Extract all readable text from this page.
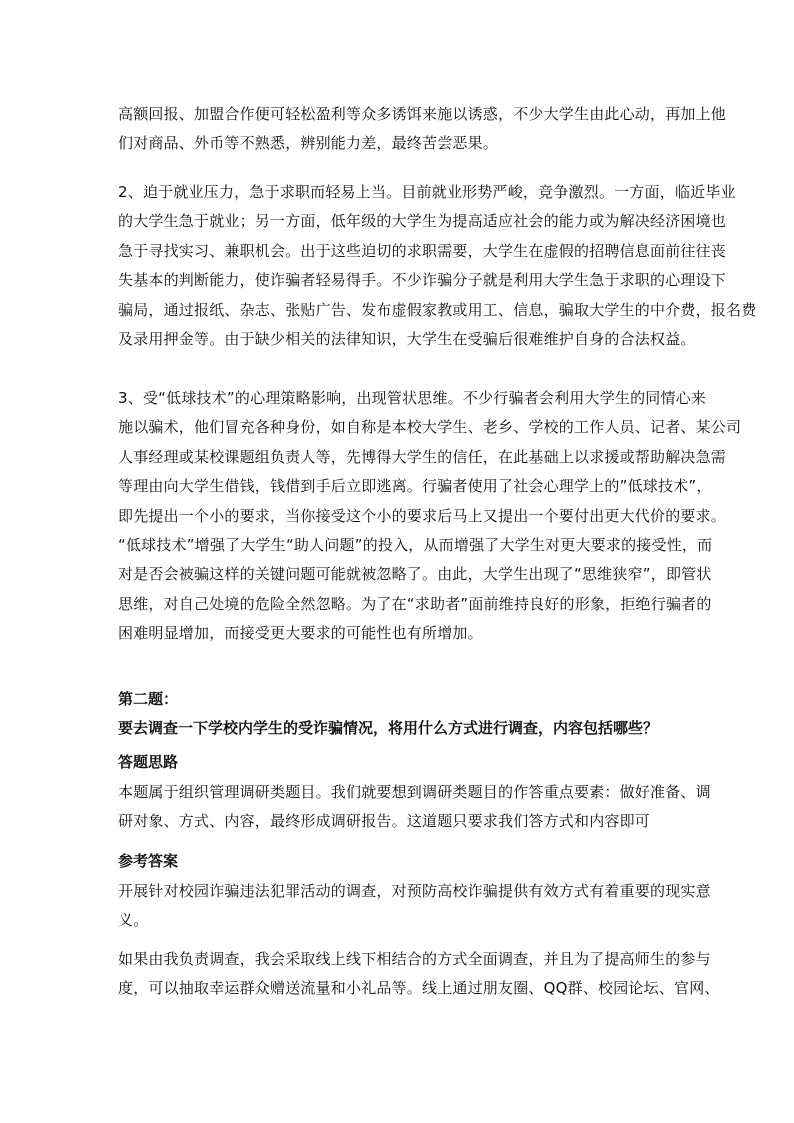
高额回报、加盟合作便可轻松盈利等众多诱饵来施以诱惑，不少大学生由此心动，再加上他
们对商品、外币等不熟悉，辨别能力差，最终苦尝恶果。

2、迫于就业压力，急于求职而轻易上当。目前就业形势严峻，竞争激烈。一方面，临近毕业
的大学生急于就业；另一方面，低年级的大学生为提高适应社会的能力或为解决经济困境也
急于寻找实习、兼职机会。出于这些迫切的求职需要，大学生在虚假的招聘信息面前往往丧
失基本的判断能力，使诈骗者轻易得手。不少诈骗分子就是利用大学生急于求职的心理设下
骗局，通过报纸、杂志、张贴广告、发布虚假家教或用工、信息，骗取大学生的中介费，报名费
及录用押金等。由于缺少相关的法律知识，大学生在受骗后很难维护自身的合法权益。

3、受“低球技术”的心理策略影响，出现管状思维。不少行骗者会利用大学生的同情心来
施以骗术，他们冒充各种身份，如自称是本校大学生、老乡、学校的工作人员、记者、某公司
人事经理或某校课题组负责人等，先博得大学生的信任，在此基础上以求援或帮助解决急需
等理由向大学生借钱，钱借到手后立即逃离。行骗者使用了社会心理学上的”低球技术”，
即先提出一个小的要求，当你接受这个小的要求后马上又提出一个要付出更大代价的要求。
“低球技术”增强了大学生“助人问题”的投入，从而增强了大学生对更大要求的接受性，而
对是否会被骗这样的关键问题可能就被忽略了。由此，大学生出现了“思维狭窄”，即管状
思维，对自己处境的危险全然忽略。为了在“求助者”面前维持良好的形象，拒绝行骗者的
困难明显增加，而接受更大要求的可能性也有所增加。

第二题：
要去调查一下学校内学生的受诈骗情况，将用什么方式进行调查，内容包括哪些？
答题思路

本题属于组织管理调研类题目。我们就要想到调研类题目的作答重点要素：做好准备、调
研对象、方式、内容，最终形成调研报告。这道题只要求我们答方式和内容即可

参考答案

开展针对校园诈骗违法犯罪活动的调查，对预防高校诈骗提供有效方式有着重要的现实意
义。

如果由我负责调查，我会采取线上线下相结合的方式全面调查，并且为了提高师生的参与
度，可以抽取幸运群众赠送流量和小礼品等。线上通过朋友圈、QQ群、校园论坛、官网、
